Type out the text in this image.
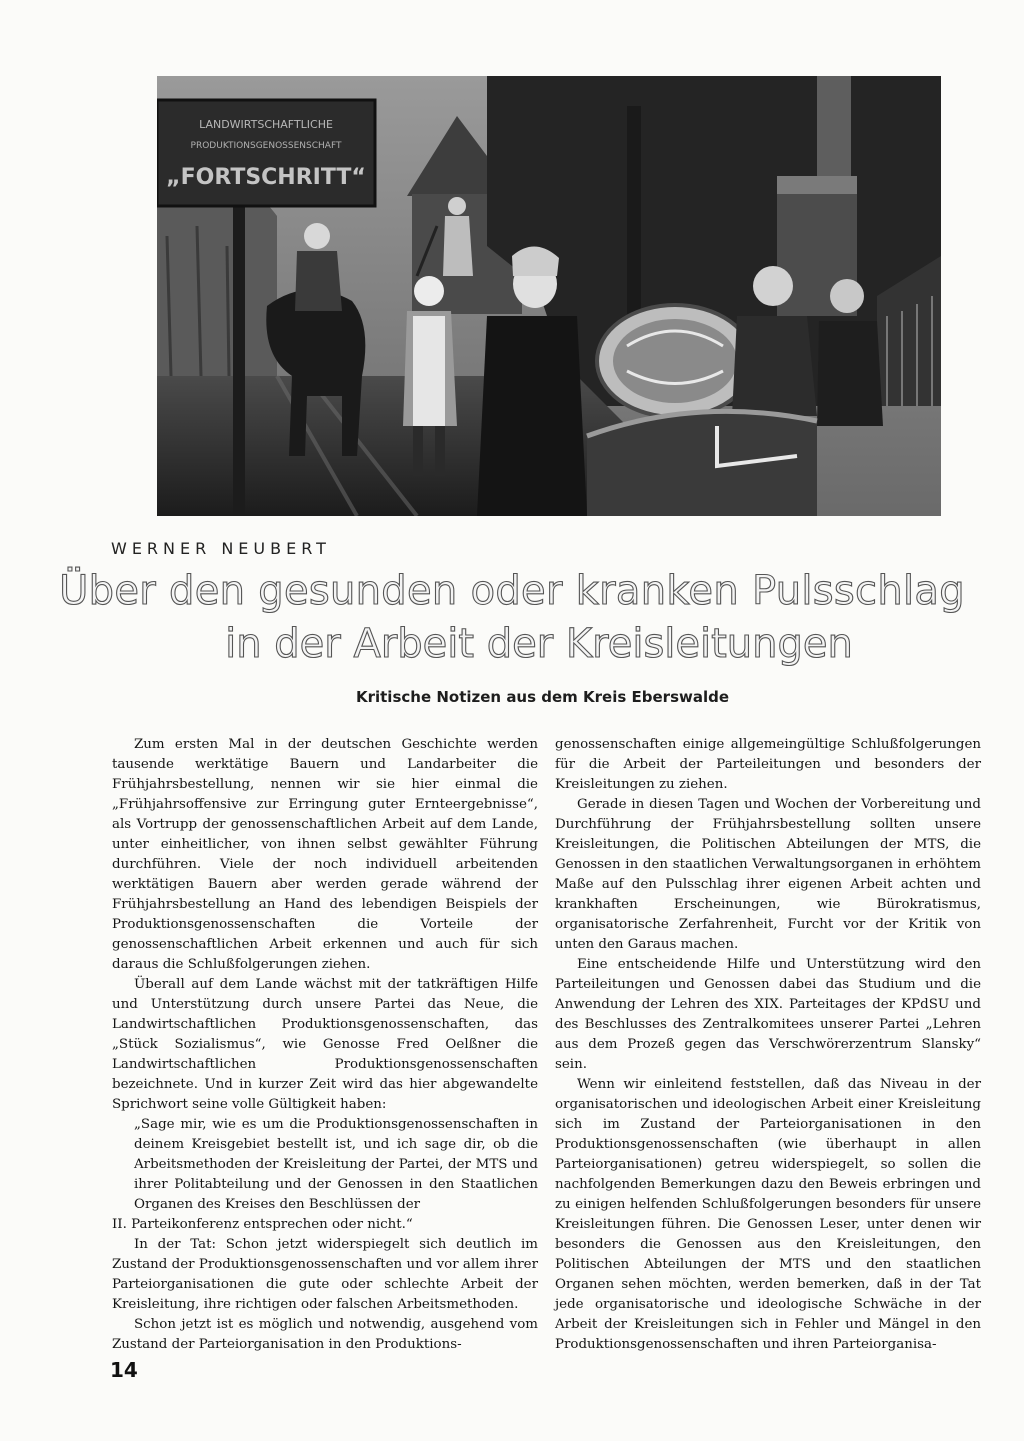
LANDWIRTSCHAFTLICHE
PRODUKTIONSGENOSSENSCHAFT
„FORTSCHRITT“
WERNER NEUBERT
Über den gesunden oder kranken Pulsschlag
in der Arbeit der Kreisleitungen
Kritische Notizen aus dem Kreis Eberswalde

Zum ersten Mal in der deutschen Geschichte werden tausende werktätige Bauern und Landarbeiter die Frühjahrsbestellung, nennen wir sie hier einmal die „Frühjahrsoffensive zur Erringung guter Ernteergebnisse“, als Vortrupp der genossenschaftlichen Arbeit auf dem Lande, unter einheitlicher, von ihnen selbst gewählter Führung durchführen. Viele der noch individuell arbeitenden werktätigen Bauern aber werden gerade während der Frühjahrsbestellung an Hand des lebendigen Beispiels der Produktionsgenossenschaften die Vorteile der genossenschaftlichen Arbeit erkennen und auch für sich daraus die Schlußfolgerungen ziehen.

Überall auf dem Lande wächst mit der tatkräftigen Hilfe und Unterstützung durch unsere Partei das Neue, die Landwirtschaftlichen Produktionsgenossenschaften, das „Stück Sozialismus“, wie Genosse Fred Oelßner die Landwirtschaftlichen Produktionsgenossenschaften bezeichnete. Und in kurzer Zeit wird das hier abgewandelte Sprichwort seine volle Gültigkeit haben:

„Sage mir, wie es um die Produktionsgenossenschaften in deinem Kreisgebiet bestellt ist, und ich sage dir, ob die Arbeitsmethoden der Kreisleitung der Partei, der MTS und ihrer Politabteilung und der Genossen in den Staatlichen Organen des Kreises den Beschlüssen der

II. Parteikonferenz entsprechen oder nicht.“

In der Tat: Schon jetzt widerspiegelt sich deutlich im Zustand der Produktionsgenossenschaften und vor allem ihrer Parteiorganisationen die gute oder schlechte Arbeit der Kreisleitung, ihre richtigen oder falschen Arbeitsmethoden.

Schon jetzt ist es möglich und notwendig, ausgehend vom Zustand der Parteiorganisation in den Produktions-

genossenschaften einige allgemeingültige Schlußfolgerungen für die Arbeit der Parteileitungen und besonders der Kreisleitungen zu ziehen.

Gerade in diesen Tagen und Wochen der Vorbereitung und Durchführung der Frühjahrsbestellung sollten unsere Kreisleitungen, die Politischen Abteilungen der MTS, die Genossen in den staatlichen Verwaltungsorganen in erhöhtem Maße auf den Pulsschlag ihrer eigenen Arbeit achten und krankhaften Erscheinungen, wie Bürokratismus, organisatorische Zerfahrenheit, Furcht vor der Kritik von unten den Garaus machen.

Eine entscheidende Hilfe und Unterstützung wird den Parteileitungen und Genossen dabei das Studium und die Anwendung der Lehren des XIX. Parteitages der KPdSU und des Beschlusses des Zentralkomitees unserer Partei „Lehren aus dem Prozeß gegen das Verschwörerzentrum Slansky“ sein.

Wenn wir einleitend feststellen, daß das Niveau in der organisatorischen und ideologischen Arbeit einer Kreisleitung sich im Zustand der Parteiorganisationen in den Produktionsgenossenschaften (wie überhaupt in allen Parteiorganisationen) getreu widerspiegelt, so sollen die nachfolgenden Bemerkungen dazu den Beweis erbringen und zu einigen helfenden Schlußfolgerungen besonders für unsere Kreisleitungen führen. Die Genossen Leser, unter denen wir besonders die Genossen aus den Kreisleitungen, den Politischen Abteilungen der MTS und den staatlichen Organen sehen möchten, werden bemerken, daß in der Tat jede organisatorische und ideologische Schwäche in der Arbeit der Kreisleitungen sich in Fehler und Mängel in den Produktionsgenossenschaften und ihren Parteiorganisa-

14
